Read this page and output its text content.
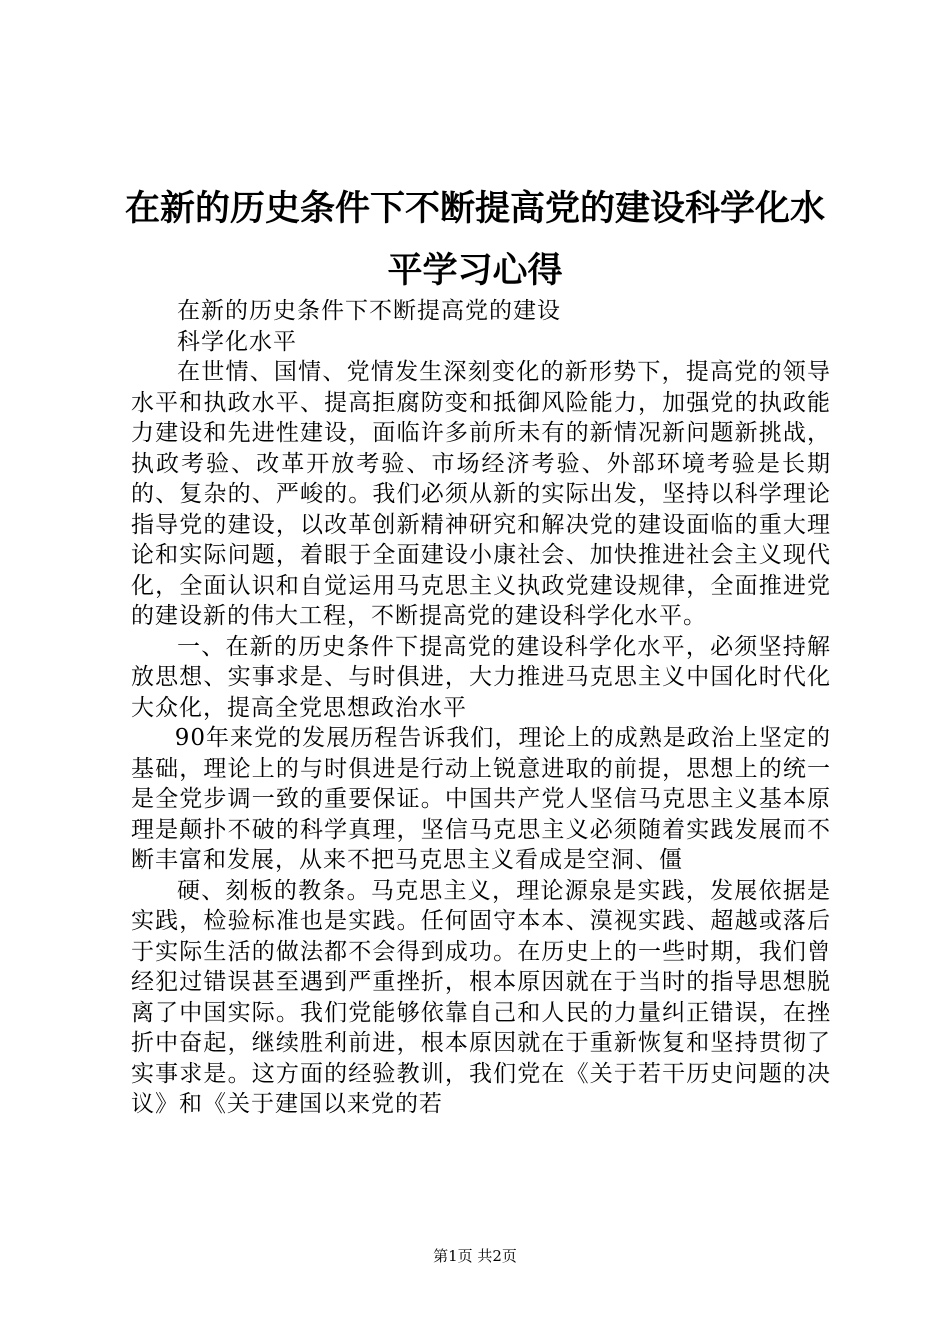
在新的历史条件下不断提高党的建设科学化水平学习心得

在新的历史条件下不断提高党的建设

科学化水平

在世情、国情、党情发生深刻变化的新形势下，提高党的领导水平和执政水平、提高拒腐防变和抵御风险能力，加强党的执政能力建设和先进性建设，面临许多前所未有的新情况新问题新挑战，执政考验、改革开放考验、市场经济考验、外部环境考验是长期的、复杂的、严峻的。我们必须从新的实际出发，坚持以科学理论指导党的建设，以改革创新精神研究和解决党的建设面临的重大理论和实际问题，着眼于全面建设小康社会、加快推进社会主义现代化，全面认识和自觉运用马克思主义执政党建设规律，全面推进党的建设新的伟大工程，不断提高党的建设科学化水平。

一、在新的历史条件下提高党的建设科学化水平，必须坚持解放思想、实事求是、与时俱进，大力推进马克思主义中国化时代化大众化，提高全党思想政治水平

90年来党的发展历程告诉我们，理论上的成熟是政治上坚定的基础，理论上的与时俱进是行动上锐意进取的前提，思想上的统一是全党步调一致的重要保证。中国共产党人坚信马克思主义基本原理是颠扑不破的科学真理，坚信马克思主义必须随着实践发展而不断丰富和发展，从来不把马克思主义看成是空洞、僵

硬、刻板的教条。马克思主义，理论源泉是实践，发展依据是实践，检验标准也是实践。任何固守本本、漠视实践、超越或落后于实际生活的做法都不会得到成功。在历史上的一些时期，我们曾经犯过错误甚至遇到严重挫折，根本原因就在于当时的指导思想脱离了中国实际。我们党能够依靠自己和人民的力量纠正错误，在挫折中奋起，继续胜利前进，根本原因就在于重新恢复和坚持贯彻了实事求是。这方面的经验教训，我们党在《关于若干历史问题的决议》和《关于建国以来党的若

第1页 共2页
